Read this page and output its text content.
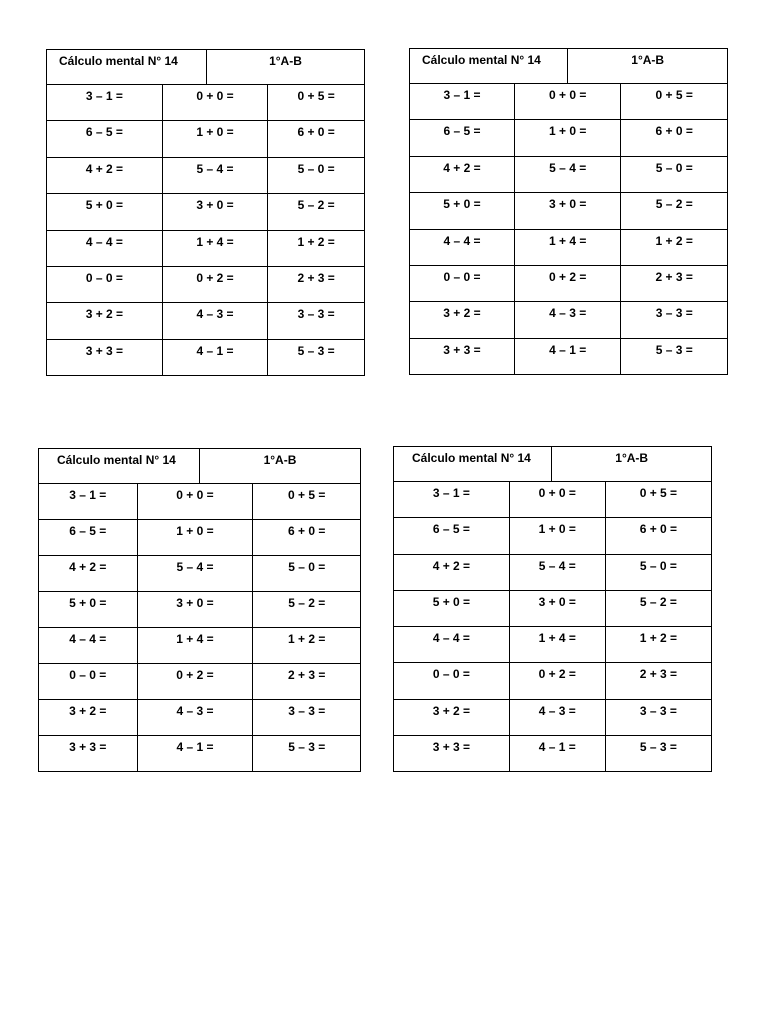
Cálculo mental N° 14		1°A-B	
3 – 1 =	0 + 0 =		0 + 5 =
6 – 5 =	1 + 0 =		6 + 0 =
4 + 2 =	5 – 4 =		5 – 0 =
5 + 0 =	3 + 0 =		5 – 2 =
4 – 4 =	1 + 4 =		1 + 2 =
0 – 0 =	0 + 2 =		2 + 3 =
3 + 2 =	4 – 3 =		3 – 3 =
3 + 3 =	4 – 1 =		5 – 3 =
Cálculo mental N° 14		1°A-B	
3 – 1 =	0 + 0 =		0 + 5 =
6 – 5 =	1 + 0 =		6 + 0 =
4 + 2 =	5 – 4 =		5 – 0 =
5 + 0 =	3 + 0 =		5 – 2 =
4 – 4 =	1 + 4 =		1 + 2 =
0 – 0 =	0 + 2 =		2 + 3 =
3 + 2 =	4 – 3 =		3 – 3 =
3 + 3 =	4 – 1 =		5 – 3 =
Cálculo mental N° 14		1°A-B	
3 – 1 =	0 + 0 =		0 + 5 =
6 – 5 =	1 + 0 =		6 + 0 =
4 + 2 =	5 – 4 =		5 – 0 =
5 + 0 =	3 + 0 =		5 – 2 =
4 – 4 =	1 + 4 =		1 + 2 =
0 – 0 =	0 + 2 =		2 + 3 =
3 + 2 =	4 – 3 =		3 – 3 =
3 + 3 =	4 – 1 =		5 – 3 =
Cálculo mental N° 14		1°A-B	
3 – 1 =	0 + 0 =		0 + 5 =
6 – 5 =	1 + 0 =		6 + 0 =
4 + 2 =	5 – 4 =		5 – 0 =
5 + 0 =	3 + 0 =		5 – 2 =
4 – 4 =	1 + 4 =		1 + 2 =
0 – 0 =	0 + 2 =		2 + 3 =
3 + 2 =	4 – 3 =		3 – 3 =
3 + 3 =	4 – 1 =		5 – 3 =
